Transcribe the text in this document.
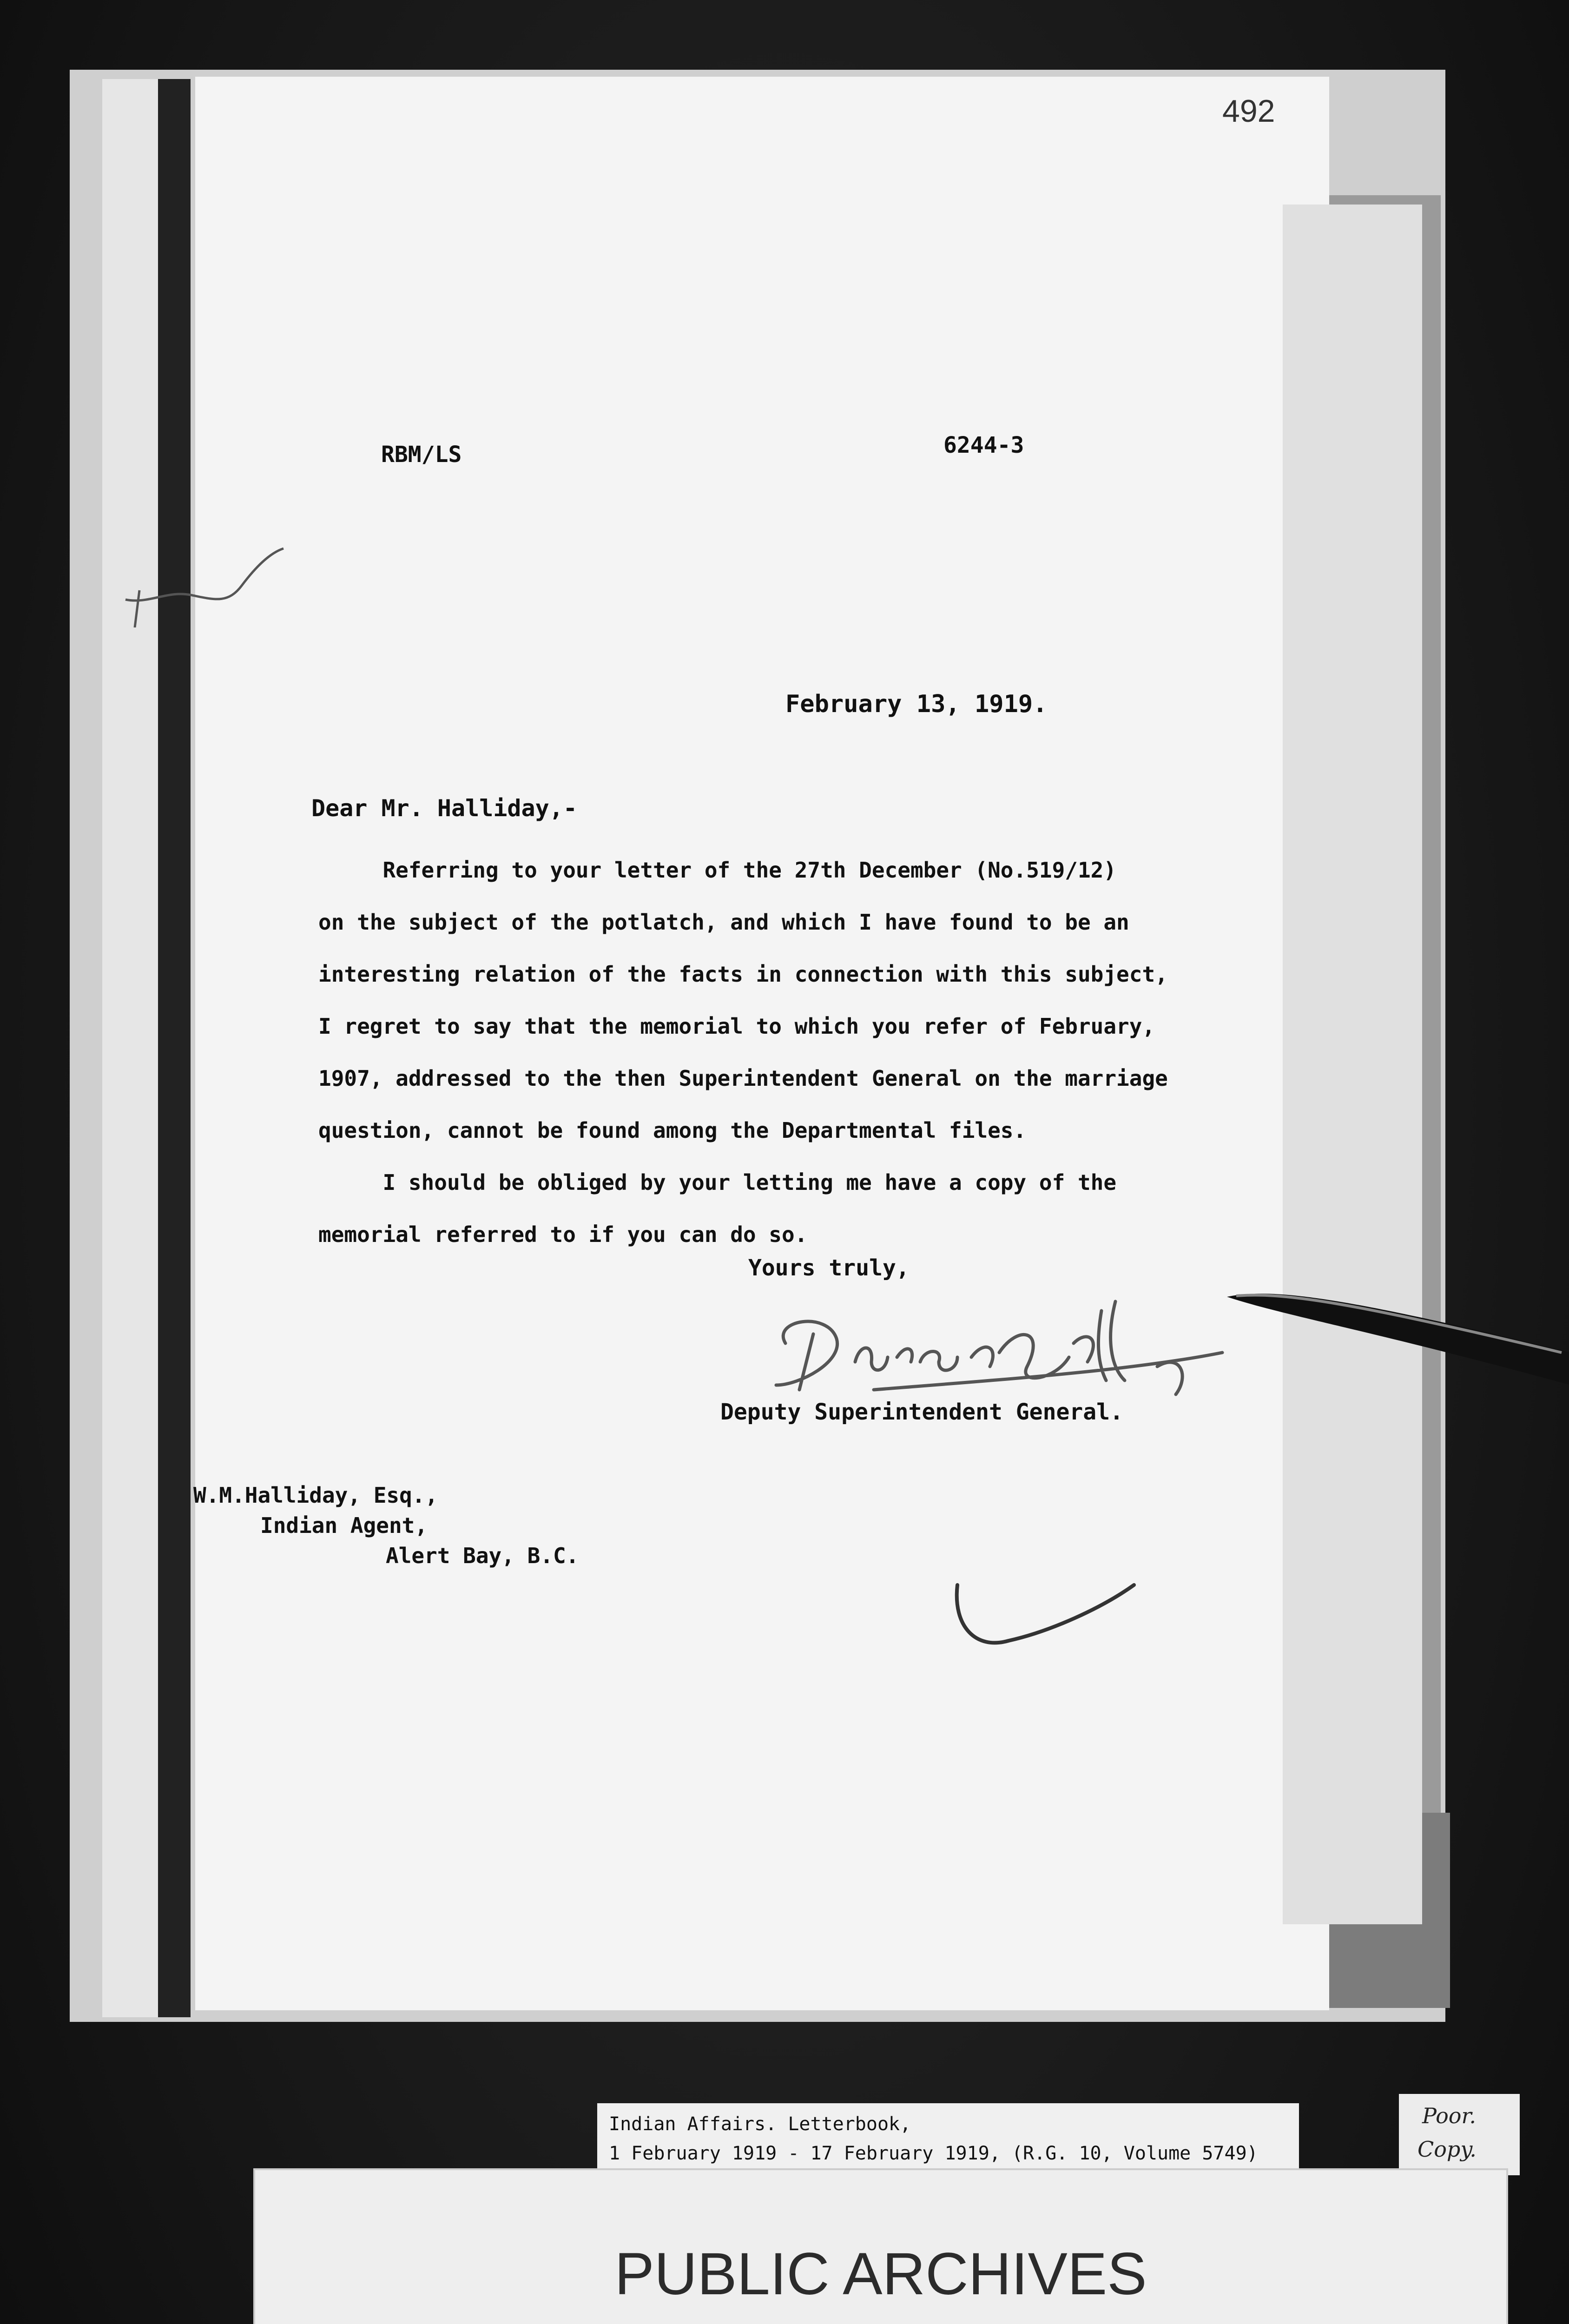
492
RBM/LS	6244-3
February 13, 1919.
Dear Mr. Halliday,-
Referring to your letter of the 27th December (No.519/12)
on the subject of the potlatch, and which I have found to be an
interesting relation of the facts in connection with this subject,
I regret to say that the memorial to which you refer of February,
1907, addressed to the then Superintendent General on the marriage
question, cannot be found among the Departmental files.
I should be obliged by your letting me have a copy of the
memorial referred to if you can do so.
Yours truly,
Deputy Superintendent General.
W.M.Halliday, Esq.,
Indian Agent,
Alert Bay, B.C.
Indian Affairs. Letterbook,
1 February 1919 - 17 February 1919, (R.G. 10, Volume 5749)
Poor.
Copy.
PUBLIC ARCHIVES
